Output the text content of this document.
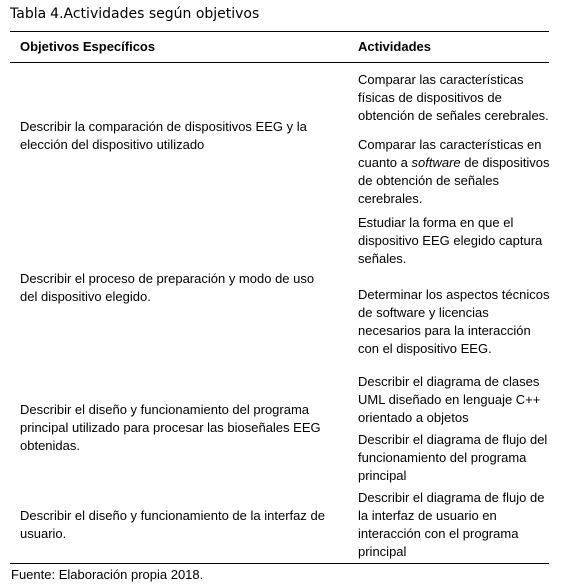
Tabla 4.Actividades según objetivos
Objetivos Específicos	Actividades
Describir la comparación de dispositivos EEG y la elección del dispositivo utilizado
Describir el proceso de preparación y modo de uso del dispositivo elegido.
Describir el diseño y funcionamiento del programa principal utilizado para procesar las bioseñales EEG obtenidas.
Describir el diseño y funcionamiento de la interfaz de usuario.
Comparar las características físicas de dispositivos de obtención de señales cerebrales.
Comparar las características en cuanto a software de dispositivos de obtención de señales cerebrales.
Estudiar la forma en que el dispositivo EEG elegido captura señales.
Determinar los aspectos técnicos de software y licencias necesarios para la interacción con el dispositivo EEG.
Describir el diagrama de clases UML diseñado en lenguaje C++ orientado a objetos
Describir el diagrama de flujo del funcionamiento del programa principal
Describir el diagrama de flujo de la interfaz de usuario en interacción con el programa principal
Fuente: Elaboración propia 2018.
